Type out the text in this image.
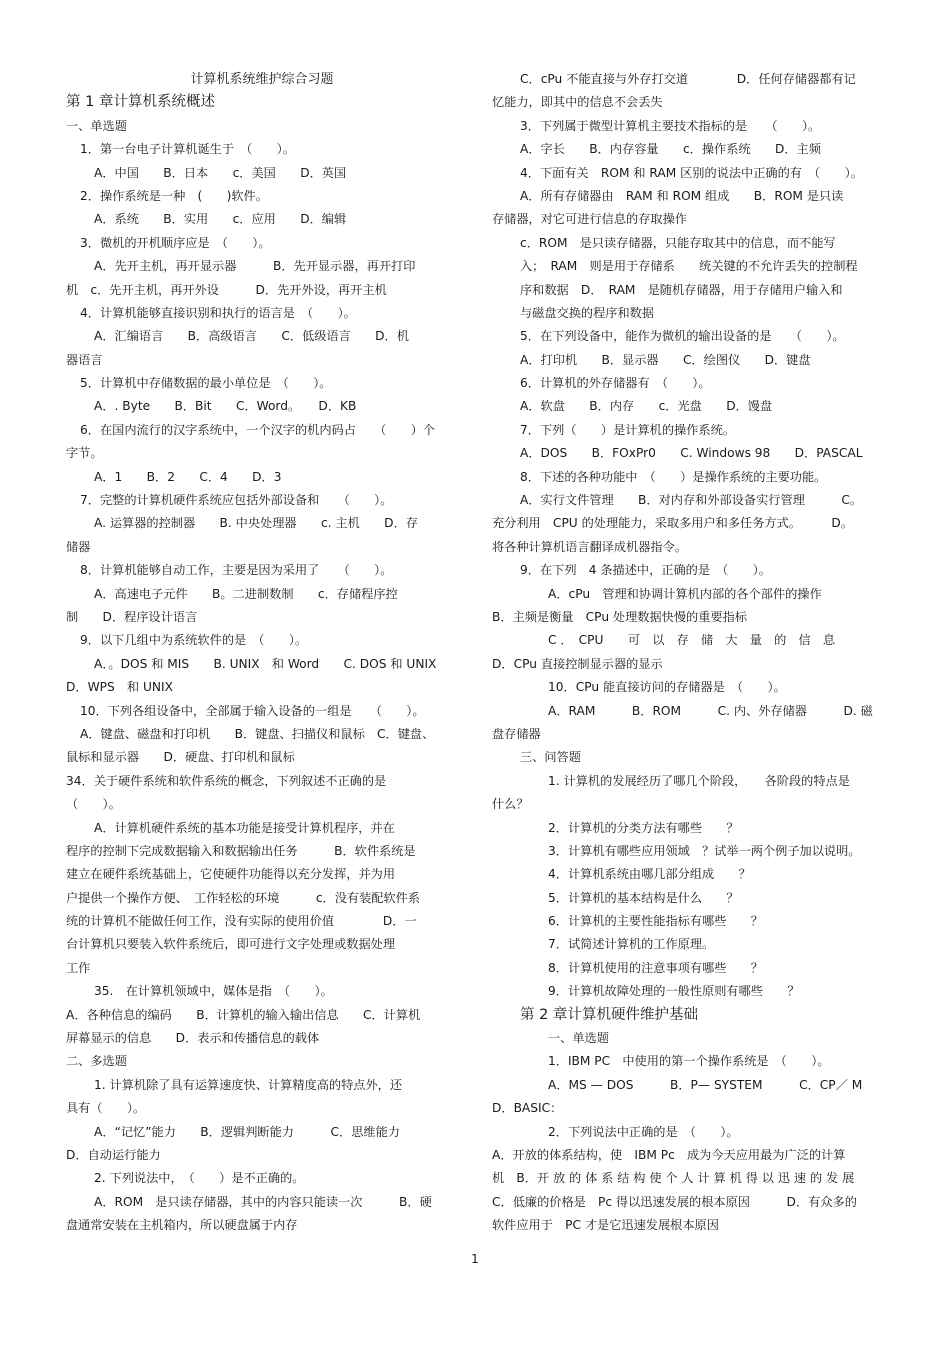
计算机系统维护综合习题
第 1 章计算机系统概述
一、单选题
1．第一台电子计算机诞生于　（　　）。
A．中国　　B．日本　　c．美国　　D．英国
2．操作系统是一种　(　　)软件。
A．系统　　B．实用　　c．应用　　D．编辑
3．微机的开机顺序应是　（　　）。
A．先开主机，再开显示器　　　B．先开显示器，再开打印
机　c．先开主机，再开外设　　　D．先开外设，再开主机
4．计算机能够直接识别和执行的语言是　（　　）。
A．汇编语言　　B．高级语言　　C．低级语言　　D．机
器语言
5．计算机中存储数据的最小单位是　（　　）。
A．. Byte　　B．Bit　　C．Word。　　D．KB
6．在国内流行的汉字系统中，一个汉字的机内码占　　（　　）个
字节。
A．1　　B．2　　C．4　　D．3
7．完整的计算机硬件系统应包括外部设备和　　（　　）。
A. 运算器的控制器　　B. 中央处理器　　c. 主机　　D．存
储器
8．计算机能够自动工作，主要是因为采用了　　（　　）。
A．高速电子元件　　B。二进制数制　　c．存储程序控
制　　D．程序设计语言
9．以下几组中为系统软件的是　（　　）。
A．。DOS 和 MIS　　B. UNIX　和 Word　　C. DOS 和 UNIX
D．WPS　和 UNIX
10．下列各组设备中，全部属于输入设备的一组是　　（　　）。
A．键盘、磁盘和打印机　　B．键盘、扫描仪和鼠标　C．键盘、
鼠标和显示器　　D．硬盘、打印机和鼠标
34．关于硬件系统和软件系统的概念，下列叙述不正确的是
（　　）。
A．计算机硬件系统的基本功能是接受计算机程序，并在
程序的控制下完成数据输入和数据输出任务　　　B．软件系统是
建立在硬件系统基础上，它使硬件功能得以充分发挥，并为用
户提供一个操作方便、　工作轻松的环境　　　c．没有装配软件系
统的计算机不能做任何工作，没有实际的使用价值　　　　D．一
台计算机只要装入软件系统后，即可进行文字处理或数据处理
工作
35.　在计算机领域中，媒体是指　（　　）。
A．各种信息的编码　　B．计算机的输入输出信息　　C．计算机
屏幕显示的信息　　D．表示和传播信息的载体
二、多选题
1. 计算机除了具有运算速度快、计算精度高的特点外，还
具有（　　）。
A．“记忆”能力　　B．逻辑判断能力　　　C．思维能力
D．自动运行能力
2. 下列说法中，　（　　）是不正确的。
A．ROM　是只读存储器，其中的内容只能读一次　　　B．硬
盘通常安装在主机箱内，所以硬盘属于内存
C．cPu 不能直接与外存打交道　　　　D．任何存储器都有记
忆能力，即其中的信息不会丢失
3．下列属于微型计算机主要技术指标的是　　（　　）。
A．字长　　B．内存容量　　c．操作系统　　D．主频
4．下面有关　ROM 和 RAM 区别的说法中正确的有　（　　）。
A．所有存储器由　RAM 和 ROM 组成　　B．ROM 是只读
存储器，对它可进行信息的存取操作
c．ROM　是只读存储器，只能存取其中的信息，而不能写
入；　RAM　则是用于存储系　　统关键的不允许丢失的控制程
序和数据　D．　RAM　是随机存储器，用于存储用户输入和
与磁盘交换的程序和数据
5．在下列设备中，能作为微机的输出设备的是　　（　　）。
A．打印机　　B．显示器　　C．绘图仪　　D．键盘
6．计算机的外存储器有　（　　）。
A．软盘　　B．内存　　c．光盘　　D．馒盘
7．下列（　　）是计算机的操作系统。
A．DOS　　B．FOxPr0　　C. Windows 98　　D．PASCAL
8．下述的各种功能中　（　　）是操作系统的主要功能。
A．实行文件管理　　B．对内存和外部设备实行管理　　　C。
充分利用　CPU 的处理能力，采取多用户和多任务方式。　　　D。
将各种计算机语言翻译成机器指令。
9．在下列　4 条描述中，正确的是　（　　）。
A．cPu　管理和协调计算机内部的各个部件的操作
B．主频是衡量　CPu 处理数据快慢的重要指标
C ．　CPU　　可　以　存　储　大　量　的　信　息
D．CPu 直接控制显示器的显示
10．CPu 能直接访问的存储器是　（　　）。
A．RAM　　　B．ROM　　　C. 内、外存储器　　　D. 磁
盘存储器
三、问答题
1. 计算机的发展经历了哪几个阶段，　　各阶段的特点是
什么？
2．计算机的分类方法有哪些　　？
3．计算机有哪些应用领域　？试举一两个例子加以说明。
4．计算机系统由哪几部分组成　　？
5．计算机的基本结构是什么　　？
6．计算机的主要性能指标有哪些　　？
7．试简述计算机的工作原理。
8．计算机使用的注意事项有哪些　　？
9．计算机故障处理的一般性原则有哪些　　？
第 2 章计算机硬件维护基础
一、单选题
1．IBM PC　中使用的第一个操作系统是　（　　）。
A．MS — DOS　　　B．P— SYSTEM　　　C．CP／ M
D．BASIC：
2．下列说法中正确的是　（　　）。
A．开放的体系结构，使　IBM Pc　成为今天应用最为广泛的计算
机　B．开 放 的 体 系 结 构 使 个 人 计 算 机 得 以 迅 速 的 发 展
C．低廉的价格是　Pc 得以迅速发展的根本原因　　　D．有众多的
软件应用于　PC 才是它迅速发展根本原因
1
